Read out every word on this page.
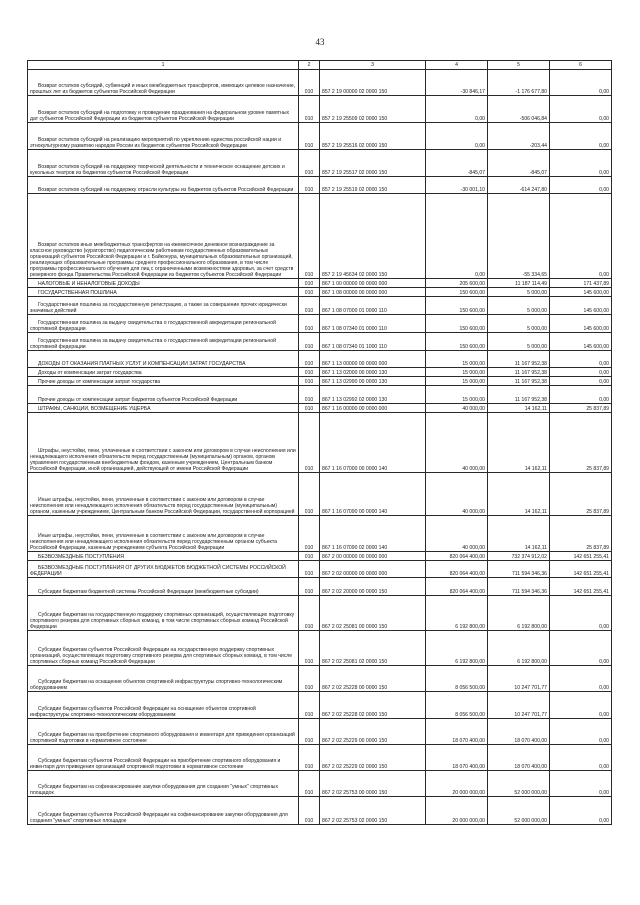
43
1	2	3	4	5	6
Возврат остатков субсидий, субвенций и иных межбюджетных трансфертов, имеющих целевое назначение, прошлых лет из бюджетов субъектов Российской Федерации	010	857 2 19 00000 02 0000 150	-30 846,17	-1 176 677,80	0,00
Возврат остатков субсидий на подготовку и проведение празднования на федеральном уровне памятных дат субъектов Российской Федерации из бюджетов субъектов Российской Федерации	010	857 2 19 25509 02 0000 150	0,00	-506 046,84	0,00
Возврат остатков субсидий на реализацию мероприятий по укреплению единства российской нации и этнокультурному развитию народов России из бюджетов субъектов Российской Федерации	010	857 2 19 25516 02 0000 150	0,00	-203,44	0,00
Возврат остатков субсидий на поддержку творческой деятельности и техническое оснащение детских и кукольных театров из бюджетов субъектов Российской Федерации	010	857 2 19 25517 02 0000 150	-845,07	-845,07	0,00
Возврат остатков субсидий на поддержку отрасли культуры из бюджетов субъектов Российской Федерации	010	857 2 19 25519 02 0000 150	-30 001,10	-614 247,80	0,00
Возврат остатков иных межбюджетных трансфертов на ежемесячное денежное вознаграждение за классное руководство (кураторство) педагогическим работникам государственных образовательных организаций субъектов Российской Федерации и г. Байконура, муниципальных образовательных организаций, реализующих образовательные программы среднего профессионального образования, в том числе программы профессионального обучения для лиц с ограниченными возможностями здоровья, за счет средств резервного фонда Правительства Российской Федерации из бюджетов субъектов Российской Федерации	010	857 2 19 45634 02 0000 150	0,00	-55 334,65	0,00
НАЛОГОВЫЕ И НЕНАЛОГОВЫЕ ДОХОДЫ	010	867 1 00 00000 00 0000 000	205 600,00	11 187 114,49	171 437,89
ГОСУДАРСТВЕННАЯ ПОШЛИНА	010	867 1 08 00000 00 0000 000	150 600,00	5 000,00	145 600,00
Государственная пошлина за государственную регистрацию, а также за совершение прочих юридически значимых действий	010	867 1 08 07000 01 0000 110	150 600,00	5 000,00	145 600,00
Государственная пошлина за выдачу свидетельства о государственной аккредитации региональной спортивной федерации	010	867 1 08 07340 01 0000 110	150 600,00	5 000,00	145 600,00
Государственная пошлина за выдачу свидетельства о государственной аккредитации региональной спортивной федерации	010	867 1 08 07340 01 1000 110	150 600,00	5 000,00	145 600,00
ДОХОДЫ ОТ ОКАЗАНИЯ ПЛАТНЫХ УСЛУГ И КОМПЕНСАЦИИ ЗАТРАТ ГОСУДАРСТВА	010	867 1 13 00000 00 0000 000	15 000,00	11 167 952,38	0,00
Доходы от компенсации затрат государства	010	867 1 13 02000 00 0000 130	15 000,00	11 167 952,38	0,00
Прочие доходы от компенсации затрат государства	010	867 1 13 02990 00 0000 130	15 000,00	11 167 952,38	0,00
Прочие доходы от компенсации затрат бюджетов субъектов Российской Федерации	010	867 1 13 02992 02 0000 130	15 000,00	11 167 952,38	0,00
ШТРАФЫ, САНКЦИИ, ВОЗМЕЩЕНИЕ УЩЕРБА	010	867 1 16 00000 00 0000 000	40 000,00	14 162,11	25 837,89
Штрафы, неустойки, пени, уплаченные в соответствии с законом или договором в случае неисполнения или ненадлежащего исполнения обязательств перед государственным (муниципальным) органом, органом управления государственным внебюджетным фондом, казенным учреждением, Центральным банком Российской Федерации, иной организацией, действующей от имени Российской Федерации	010	867 1 16 07000 00 0000 140	40 000,00	14 162,11	25 837,89
Иные штрафы, неустойки, пени, уплаченные в соответствии с законом или договором в случае неисполнения или ненадлежащего исполнения обязательств перед государственным (муниципальным) органом, казенным учреждением, Центральным банком Российской Федерации, государственной корпорацией	010	867 1 16 07090 00 0000 140	40 000,00	14 162,11	25 837,89
Иные штрафы, неустойки, пени, уплаченные в соответствии с законом или договором в случае неисполнения или ненадлежащего исполнения обязательств перед государственным органом субъекта Российской Федерации, казенным учреждением субъекта Российской Федерации	010	867 1 16 07090 02 0000 140	40 000,00	14 162,11	25 837,89
БЕЗВОЗМЕЗДНЫЕ ПОСТУПЛЕНИЯ	010	867 2 00 00000 00 0000 000	820 064 400,00	732 374 912,02	142 651 255,41
БЕЗВОЗМЕЗДНЫЕ ПОСТУПЛЕНИЯ ОТ ДРУГИХ БЮДЖЕТОВ БЮДЖЕТНОЙ СИСТЕМЫ РОССИЙСКОЙ ФЕДЕРАЦИИ	010	867 2 02 00000 00 0000 000	820 064 400,00	711 594 346,36	142 651 255,41
Субсидии бюджетам бюджетной системы Российской Федерации (межбюджетные субсидии)	010	867 2 02 20000 00 0000 150	820 064 400,00	711 594 346,36	142 651 255,41
Субсидии бюджетам на государственную поддержку спортивных организаций, осуществляющих подготовку спортивного резерва для спортивных сборных команд, в том числе спортивных сборных команд Российской Федерации	010	867 2 02 25081 00 0000 150	6 192 800,00	6 192 800,00	0,00
Субсидии бюджетам субъектов Российской Федерации на государственную поддержку спортивных организаций, осуществляющих подготовку спортивного резерва для спортивных сборных команд, в том числе спортивных сборных команд Российской Федерации	010	867 2 02 25081 02 0000 150	6 192 800,00	6 192 800,00	0,00
Субсидии бюджетам на оснащение объектов спортивной инфраструктуры спортивно-технологическим оборудованием	010	867 2 02 25228 00 0000 150	8 056 500,00	10 247 701,77	0,00
Субсидии бюджетам субъектов Российской Федерации на оснащение объектов спортивной инфраструктуры спортивно-технологическим оборудованием	010	867 2 02 25228 02 0000 150	8 056 500,00	10 247 701,77	0,00
Субсидии бюджетам на приобретение спортивного оборудования и инвентаря для приведения организаций спортивной подготовки в нормативное состояние	010	867 2 02 25229 00 0000 150	18 070 400,00	18 070 400,00	0,00
Субсидии бюджетам субъектов Российской Федерации на приобретение спортивного оборудования и инвентаря для приведения организаций спортивной подготовки в нормативное состояние	010	867 2 02 25229 02 0000 150	18 070 400,00	18 070 400,00	0,00
Субсидии бюджетам на софинансирование закупки оборудования для создания "умных" спортивных площадок	010	867 2 02 25753 00 0000 150	20 000 000,00	52 000 000,00	0,00
Субсидии бюджетам субъектов Российской Федерации на софинансирование закупки оборудования для создания "умных" спортивных площадок	010	867 2 02 25753 02 0000 150	20 000 000,00	52 000 000,00	0,00
